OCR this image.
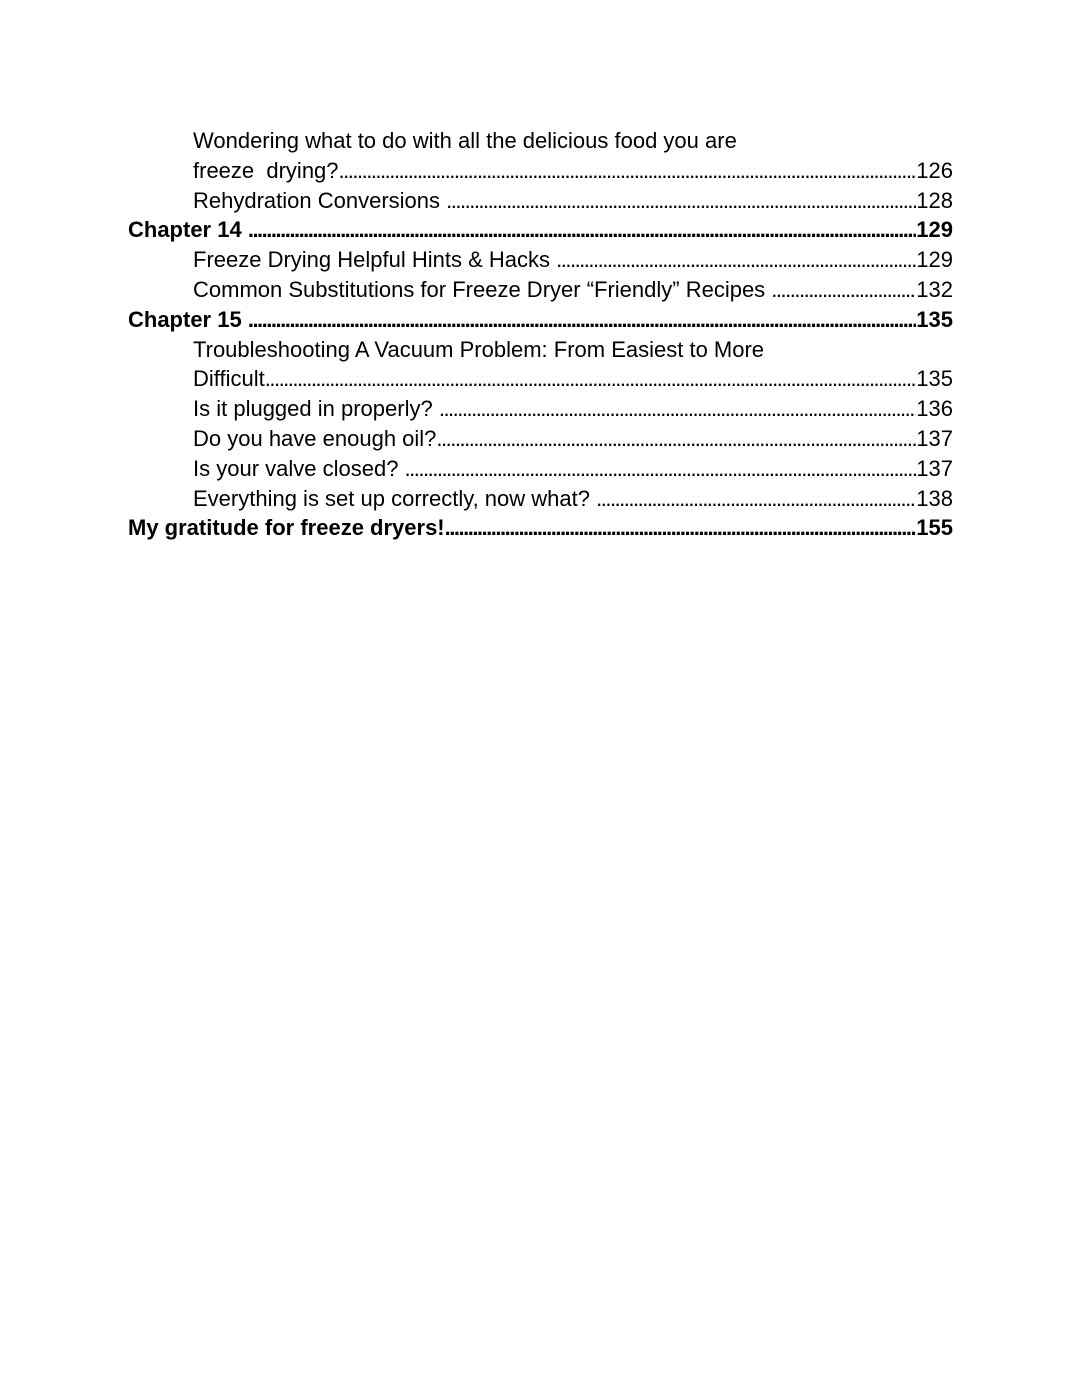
Wondering what to do with all the delicious food you are
freeze  drying? .....	126
Rehydration Conversions .....	128
Chapter 14 .....	129
Freeze Drying Helpful Hints & Hacks .....	129
Common Substitutions for Freeze Dryer “Friendly” Recipes .....	132
Chapter 15 .....	135
Troubleshooting A Vacuum Problem: From Easiest to More
Difficult .....	135
Is it plugged in properly? .....	136
Do you have enough oil? .....	137
Is your valve closed? .....	137
Everything is set up correctly, now what? .....	138
My gratitude for freeze dryers! .....	155
